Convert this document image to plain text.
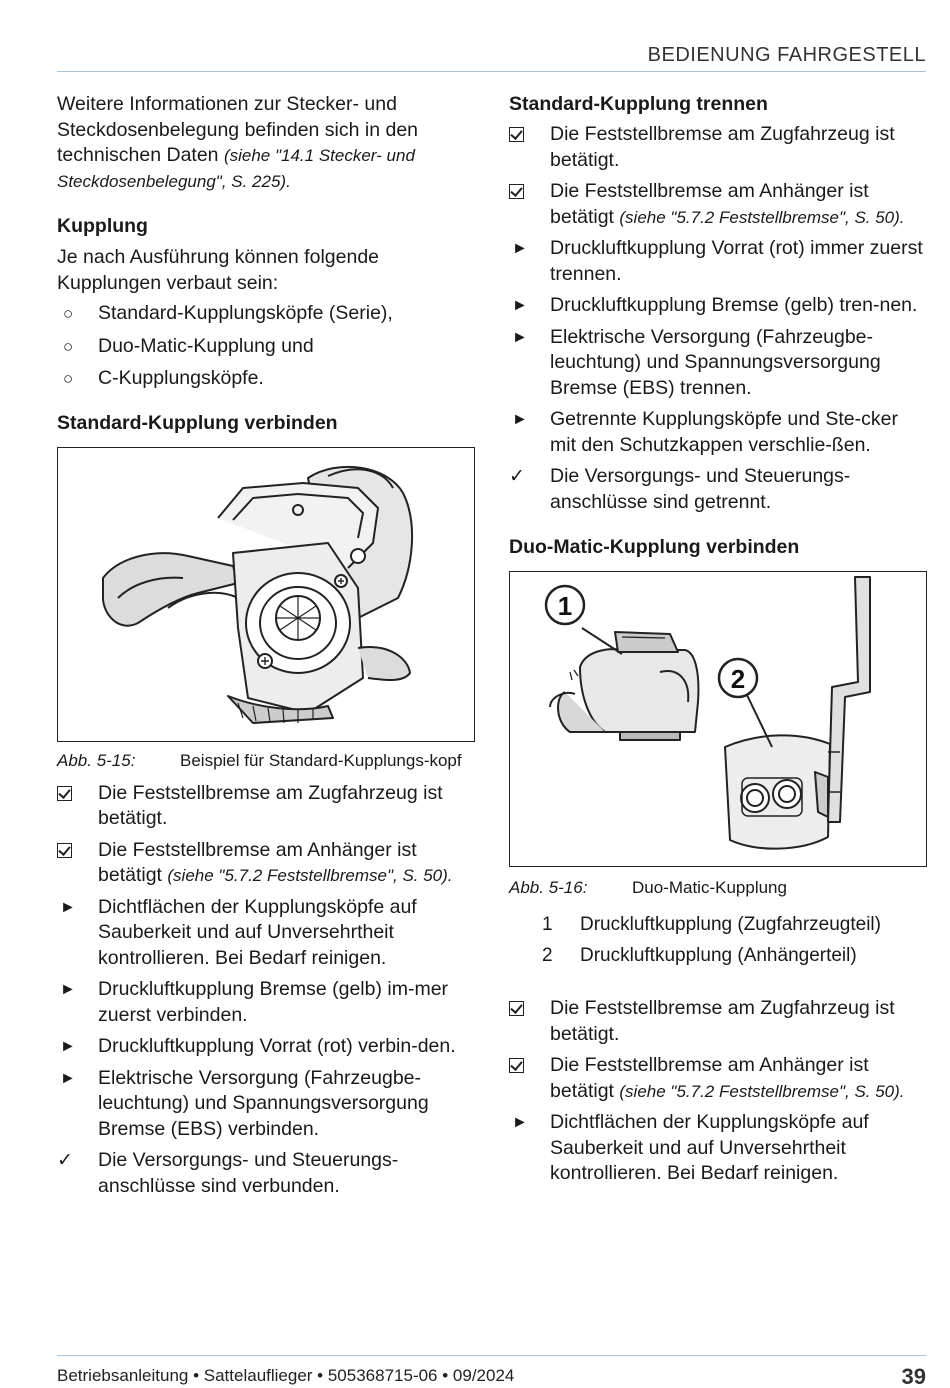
BEDIENUNG FAHRGESTELL

Weitere Informationen zur Stecker- und Steckdosenbelegung befinden sich in den technischen Daten (siehe "14.1 Stecker- und Steckdosenbelegung", S. 225).

Kupplung

Je nach Ausführung können folgende Kupplungen verbaut sein:

○	Standard-Kupplungsköpfe (Serie),
○	Duo-Matic-Kupplung und
○	C-Kupplungsköpfe.
Standard-Kupplung verbinden
Abb. 5-15:	Beispiel für Standard-Kupplungs-kopf
Die Feststellbremse am Zugfahrzeug ist betätigt.
Die Feststellbremse am Anhänger ist betätigt (siehe "5.7.2 Feststellbremse", S. 50).
►	Dichtflächen der Kupplungsköpfe auf Sauberkeit und auf Unversehrtheit kontrollieren. Bei Bedarf reinigen.
►	Druckluftkupplung Bremse (gelb) im-mer zuerst verbinden.
►	Druckluftkupplung Vorrat (rot) verbin-den.
►	Elektrische Versorgung (Fahrzeugbe-leuchtung) und Spannungsversorgung Bremse (EBS) verbinden.
✓	Die Versorgungs- und Steuerungs-anschlüsse sind verbunden.
Standard-Kupplung trennen
Die Feststellbremse am Zugfahrzeug ist betätigt.
Die Feststellbremse am Anhänger ist betätigt (siehe "5.7.2 Feststellbremse", S. 50).
►	Druckluftkupplung Vorrat (rot) immer zuerst trennen.
►	Druckluftkupplung Bremse (gelb) tren-nen.
►	Elektrische Versorgung (Fahrzeugbe-leuchtung) und Spannungsversorgung Bremse (EBS) trennen.
►	Getrennte Kupplungsköpfe und Ste-cker mit den Schutzkappen verschlie-ßen.
✓	Die Versorgungs- und Steuerungs-anschlüsse sind getrennt.
Duo-Matic-Kupplung verbinden
1
2
Abb. 5-16:	Duo-Matic-Kupplung
1 Druckluftkupplung (Zugfahrzeugteil)
2 Druckluftkupplung (Anhängerteil)
Die Feststellbremse am Zugfahrzeug ist betätigt.
Die Feststellbremse am Anhänger ist betätigt (siehe "5.7.2 Feststellbremse", S. 50).
►	Dichtflächen der Kupplungsköpfe auf Sauberkeit und auf Unversehrtheit kontrollieren. Bei Bedarf reinigen.
Betriebsanleitung • Sattelauflieger • 505368715-06 • 09/2024	39
